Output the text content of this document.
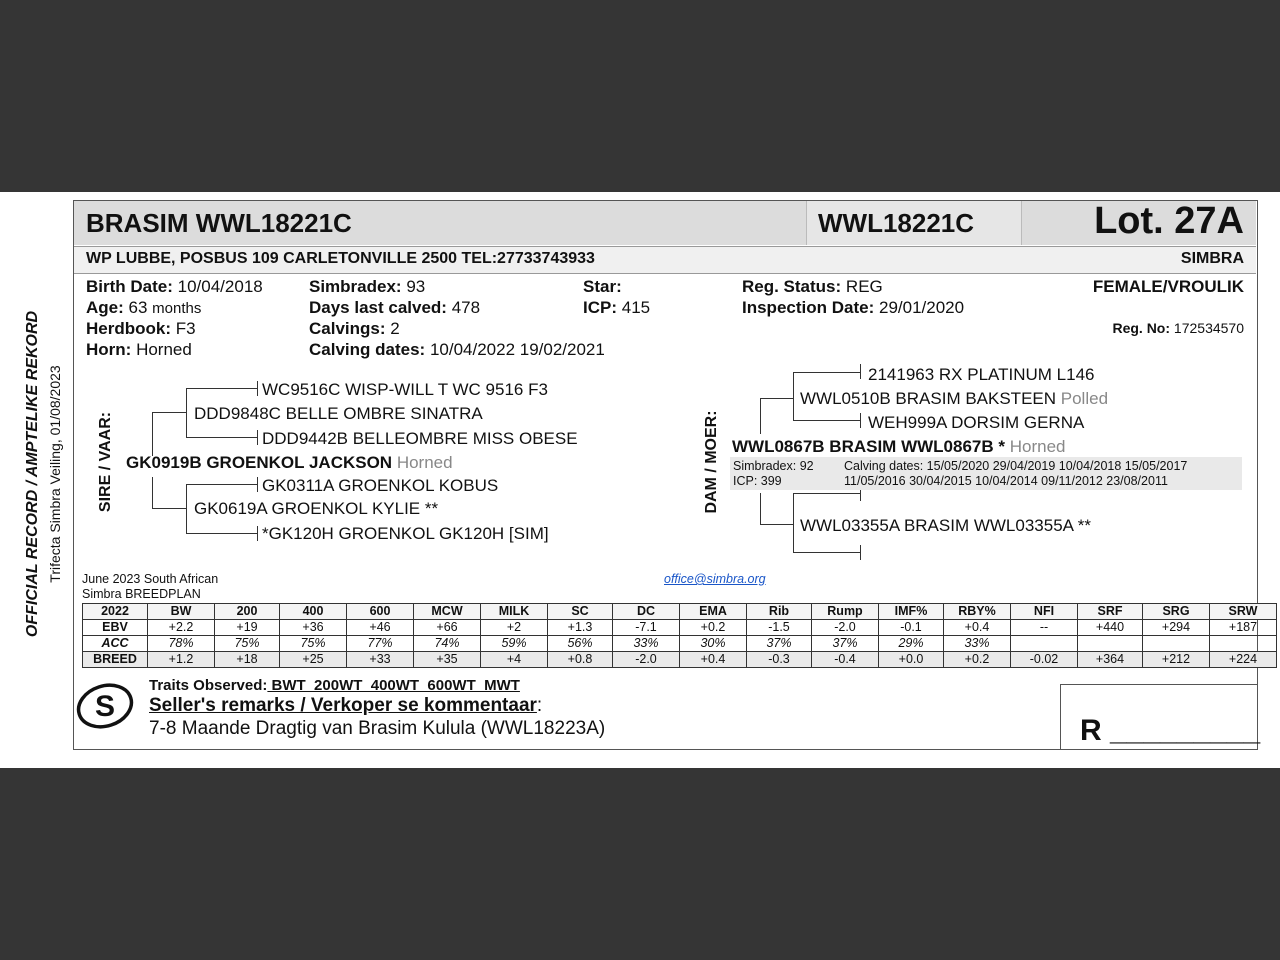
BRASIM WWL18221C	WWL18221C	Lot. 27A
WP LUBBE, POSBUS 109 CARLETONVILLE 2500 TEL:27733743933	SIMBRA
Birth Date: 10/04/2018
Age: 63 months
Herdbook: F3
Horn: Horned
Simbradex: 93
Days last calved: 478
Calvings: 2
Calving dates: 10/04/2022 19/02/2021
Star:
ICP: 415
Reg. Status: REG
Inspection Date: 29/01/2020
FEMALE/VROULIK
Reg. No: 172534570
OFFICIAL RECORD / AMPTELIKE REKORD Trifecta Simbra Veiling, 01/08/2023 SIRE / VAAR:
WC9516C WISP-WILL T WC 9516 F3
DDD9848C BELLE OMBRE SINATRA
DDD9442B BELLEOMBRE MISS OBESE
GK0919B GROENKOL JACKSON Horned
GK0311A GROENKOL KOBUS
GK0619A GROENKOL KYLIE **
*GK120H GROENKOL GK120H [SIM]
DAM / MOER:
2141963 RX PLATINUM L146
WWL0510B BRASIM BAKSTEEN Polled
WEH999A DORSIM GERNA
WWL0867B BRASIM WWL0867B * Horned
Simbradex: 92
ICP: 399
Calving dates: 15/05/2020 29/04/2019 10/04/2018 15/05/2017
11/05/2016 30/04/2015 10/04/2014 09/11/2012 23/08/2011
WWL03355A BRASIM WWL03355A **
June 2023 South African
Simbra BREEDPLAN
office@simbra.org
2022	BW	200	400	600	MCW	MILK	SC	DC	EMA	Rib	Rump	IMF%	RBY%	NFI	SRF	SRG	SRW
EBV	+2.2	+19	+36	+46	+66	+2	+1.3	-7.1	+0.2	-1.5	-2.0	-0.1	+0.4	--	+440	+294	+187
ACC	78%	75%	75%	77%	74%	59%	56%	33%	30%	37%	37%	29%	33%				
BREED	+1.2	+18	+25	+33	+35	+4	+0.8	-2.0	+0.4	-0.3	-0.4	+0.0	+0.2	-0.02	+364	+212	+224
S
Traits Observed: BWT  200WT  400WT  600WT  MWT
Seller's remarks / Verkoper se kommentaar:
7-8 Maande Dragtig van Brasim Kulula (WWL18223A)	R _________
